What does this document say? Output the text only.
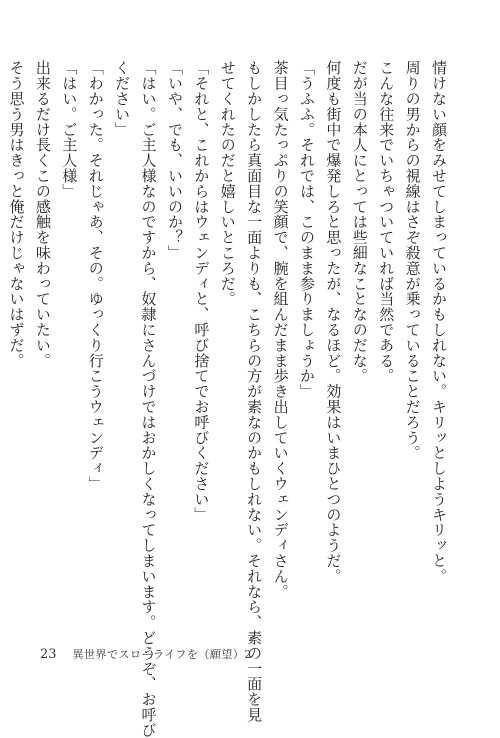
情けない顔をみせてしまっているかもしれない。キリッとしようキリッと。

周りの男からの視線はさぞ殺意が乗っていることだろう。

こんな往来でいちゃついていれば当然である。

だが当の本人にとっては些細なことなのだな。

何度も街中で爆発しろと思ったが、なるほど。効果はいまひとつのようだ。

「うふふ。それでは、このまま参りましょうか」

茶目っ気たっぷりの笑顔で、腕を組んだまま歩き出していくウェンディさん。

もしかしたら真面目な一面よりも、こちらの方が素なのかもしれない。それなら、素の一面を見

せてくれたのだと嬉しいところだ。

「それと、これからはウェンディと、呼び捨てでお呼びください」

「いや、でも、いいのか？」

「はい。ご主人様なのですから、奴隷にさんづけではおかしくなってしまいます。どうぞ、お呼び

ください」

「わかった。それじゃあ、その。ゆっくり行こうウェンディ」

「はい。ご主人様」

出来るだけ長くこの感触を味わっていたい。

そう思う男はきっと俺だけじゃないはずだ。

23 異世界でスローライフを（願望）2
